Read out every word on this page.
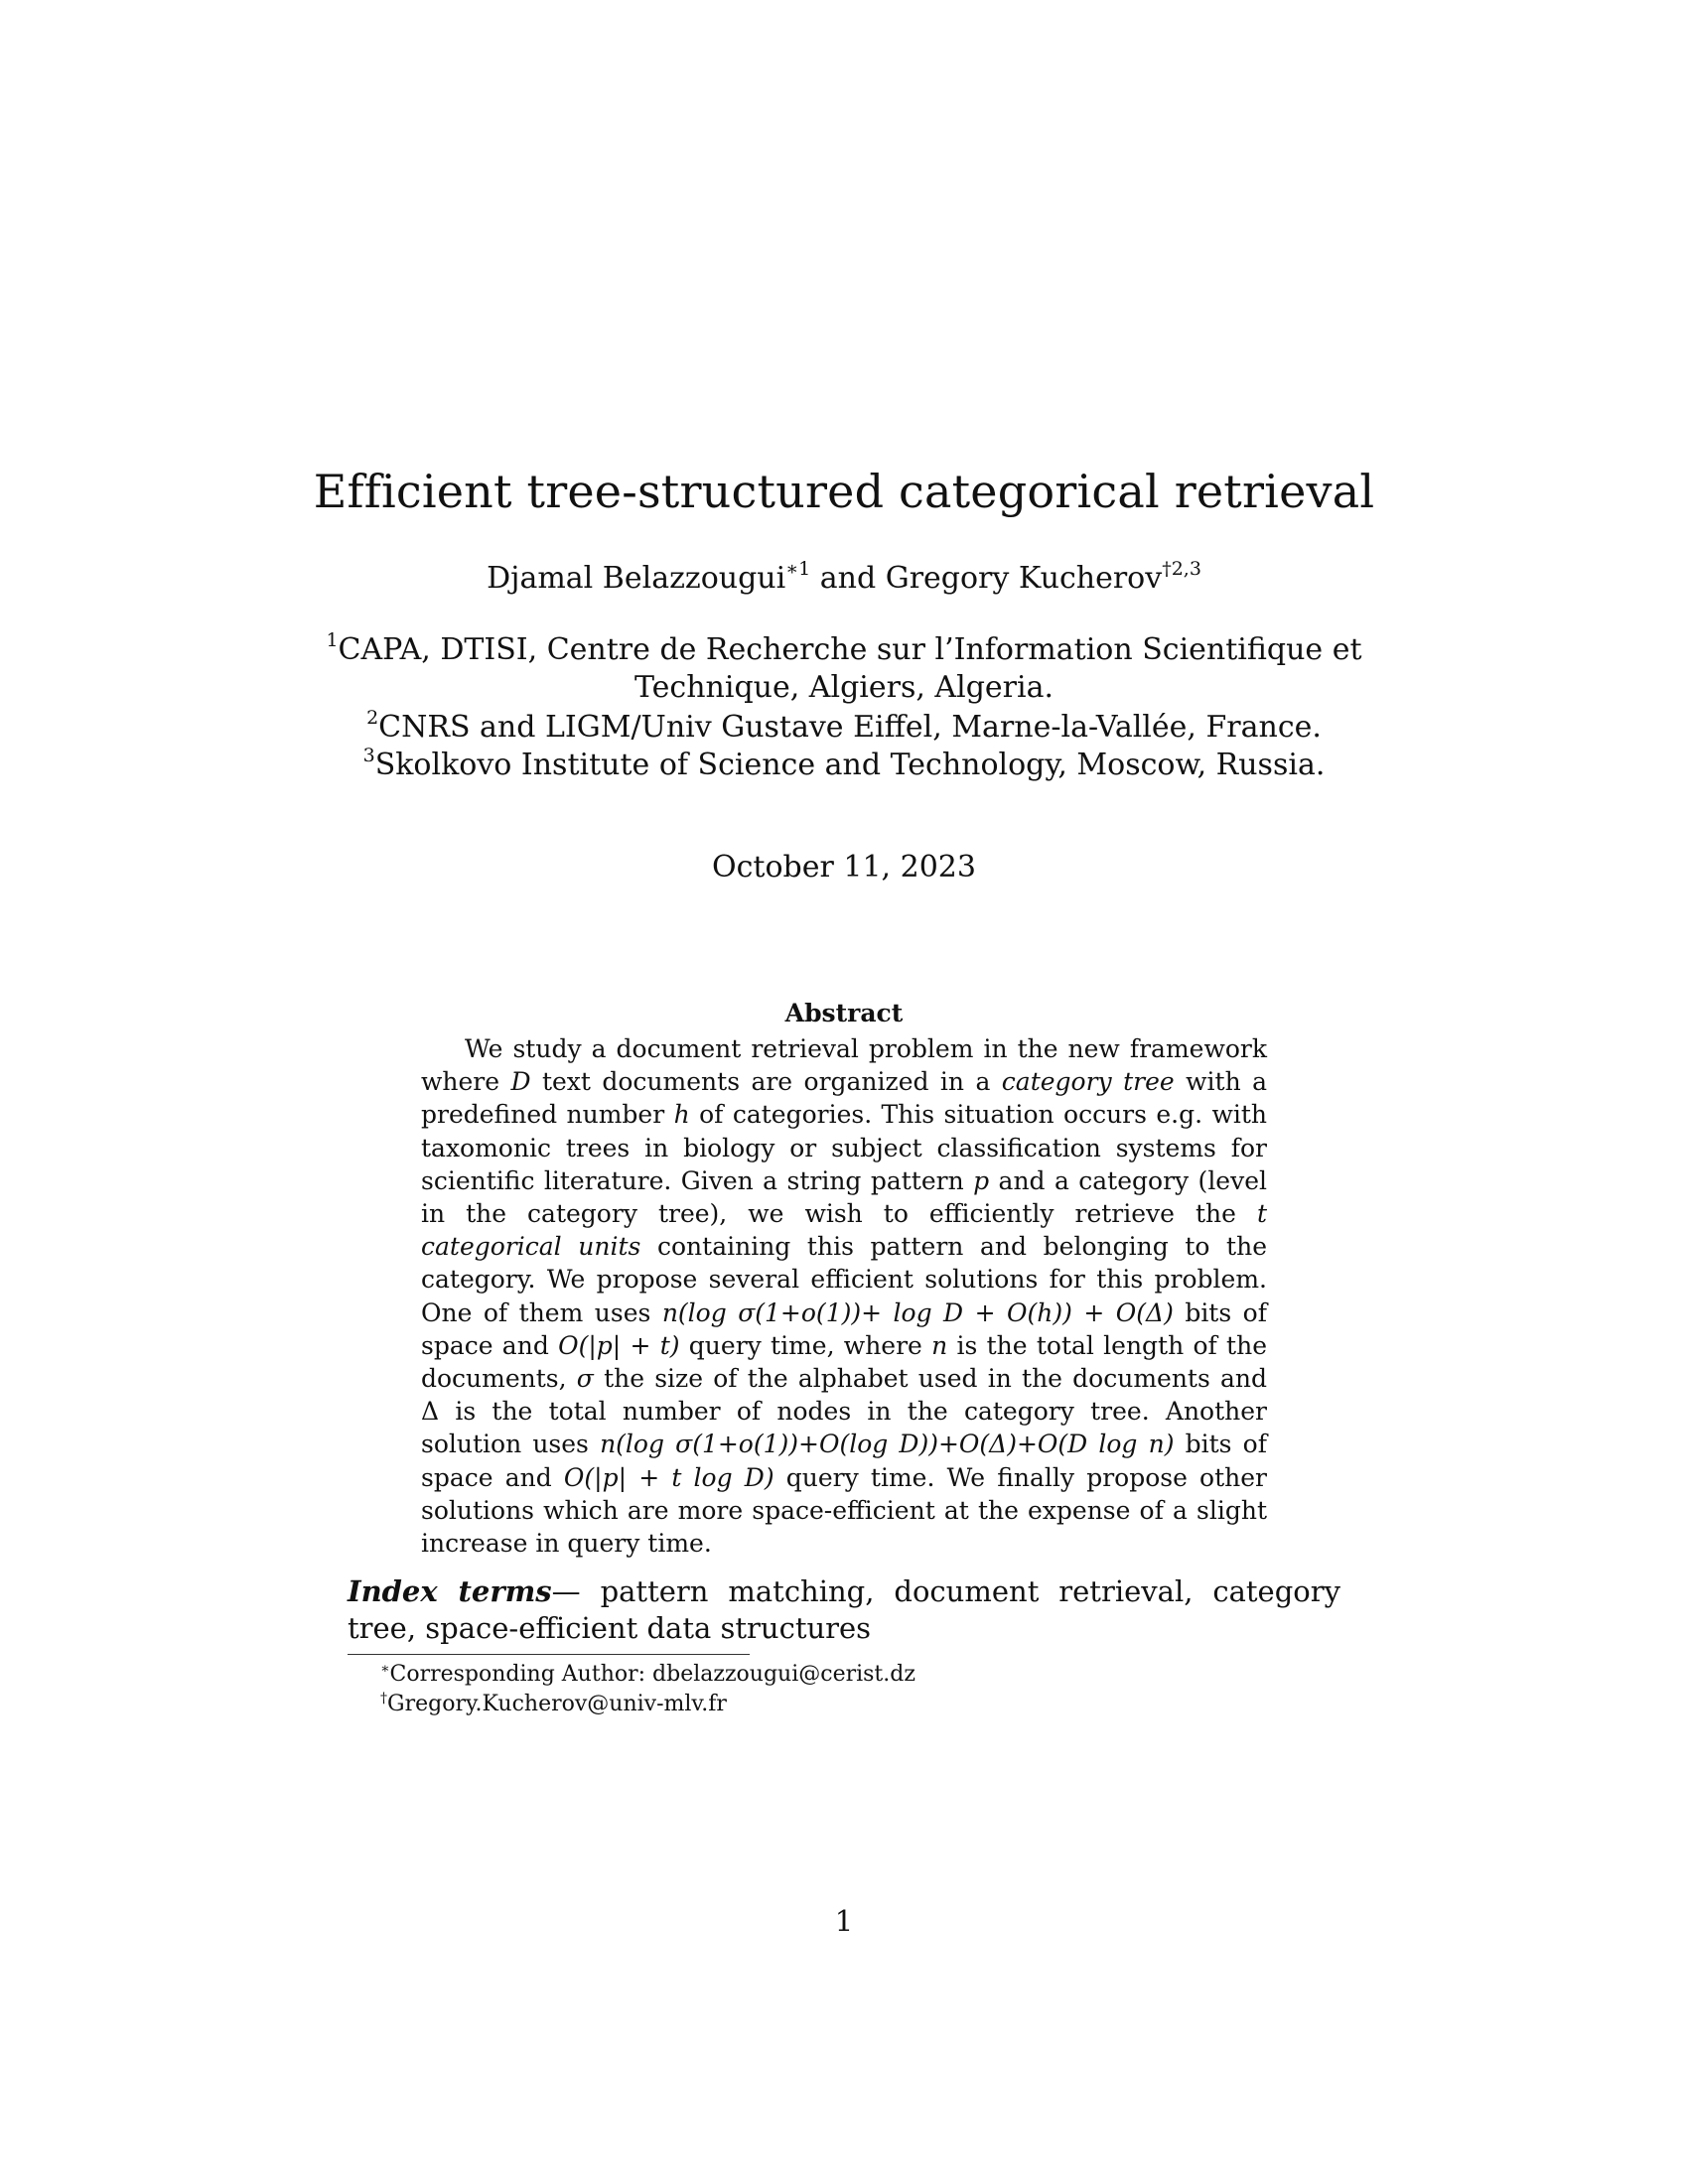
Efficient tree-structured categorical retrieval
Djamal Belazzougui$^{∗1}$ and Gregory Kucherov$^{\dagger 2,3}$
$^1$CAPA, DTISI, Centre de Recherche sur l’Information Scientifique et
Technique, Algiers, Algeria.
$^2$CNRS and LIGM/Univ Gustave Eiffel, Marne-la-Vallée, France.
$^3$Skolkovo Institute of Science and Technology, Moscow, Russia.
October 11, 2023
Abstract

We study a document retrieval problem in the new framework where D text documents are organized in a category tree with a predefined number h of categories. This situation occurs e.g. with taxomonic trees in biology or subject classification systems for scientific literature. Given a string pattern p and a category (level in the category tree), we wish to efficiently retrieve the t categorical units containing this pattern and belonging to the category. We propose several efficient solutions for this problem. One of them uses n(log σ(1+o(1))+ log D + O(h)) + O(Δ) bits of space and O(|p| + t) query time, where n is the total length of the documents, σ the size of the alphabet used in the documents and Δ is the total number of nodes in the category tree. Another solution uses n(log σ(1+o(1))+O(log D))+O(Δ)+O(D log n) bits of space and O(|p| + t log D) query time. We finally propose other solutions which are more space-efficient at the expense of a slight increase in query time.

Index terms— pattern matching, document retrieval, category tree, space-efficient data structures
∗Corresponding Author: dbelazzougui@cerist.dz
†Gregory.Kucherov@univ-mlv.fr
1
